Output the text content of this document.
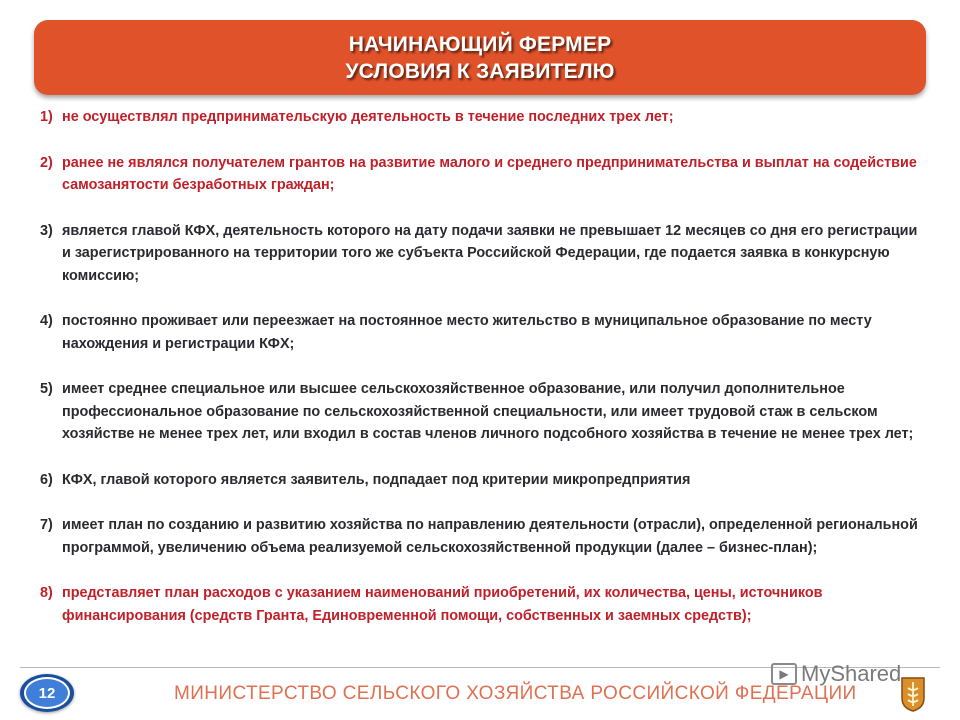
НАЧИНАЮЩИЙ ФЕРМЕР
УСЛОВИЯ К ЗАЯВИТЕЛЮ
1) не осуществлял предпринимательскую деятельность в течение последних трех лет;
2) ранее не являлся получателем грантов на развитие малого и среднего предпринимательства и выплат на содействие самозанятости безработных граждан;
3) является главой КФХ, деятельность которого на дату подачи заявки не превышает 12 месяцев со дня его регистрации и зарегистрированного на территории того же субъекта Российской Федерации, где подается заявка в конкурсную комиссию;
4) постоянно проживает или переезжает на постоянное место жительство в муниципальное образование по месту нахождения и регистрации КФХ;
5) имеет среднее специальное или высшее сельскохозяйственное образование, или получил дополнительное профессиональное образование по сельскохозяйственной специальности, или имеет трудовой стаж в сельском хозяйстве не менее трех лет, или входил в состав членов личного подсобного хозяйства в течение не менее трех лет;
6) КФХ, главой которого является заявитель, подпадает под критерии микропредприятия
7) имеет план по созданию и развитию хозяйства по направлению деятельности (отрасли), определенной региональной программой, увеличению объема реализуемой сельскохозяйственной продукции (далее – бизнес-план);
8) представляет план расходов с указанием наименований приобретений, их количества, цены, источников финансирования (средств Гранта, Единовременной помощи, собственных и заемных средств);
12	МИНИСТЕРСТВО СЕЛЬСКОГО ХОЗЯЙСТВА РОССИЙСКОЙ ФЕДЕРАЦИИ
▶ MyShared
